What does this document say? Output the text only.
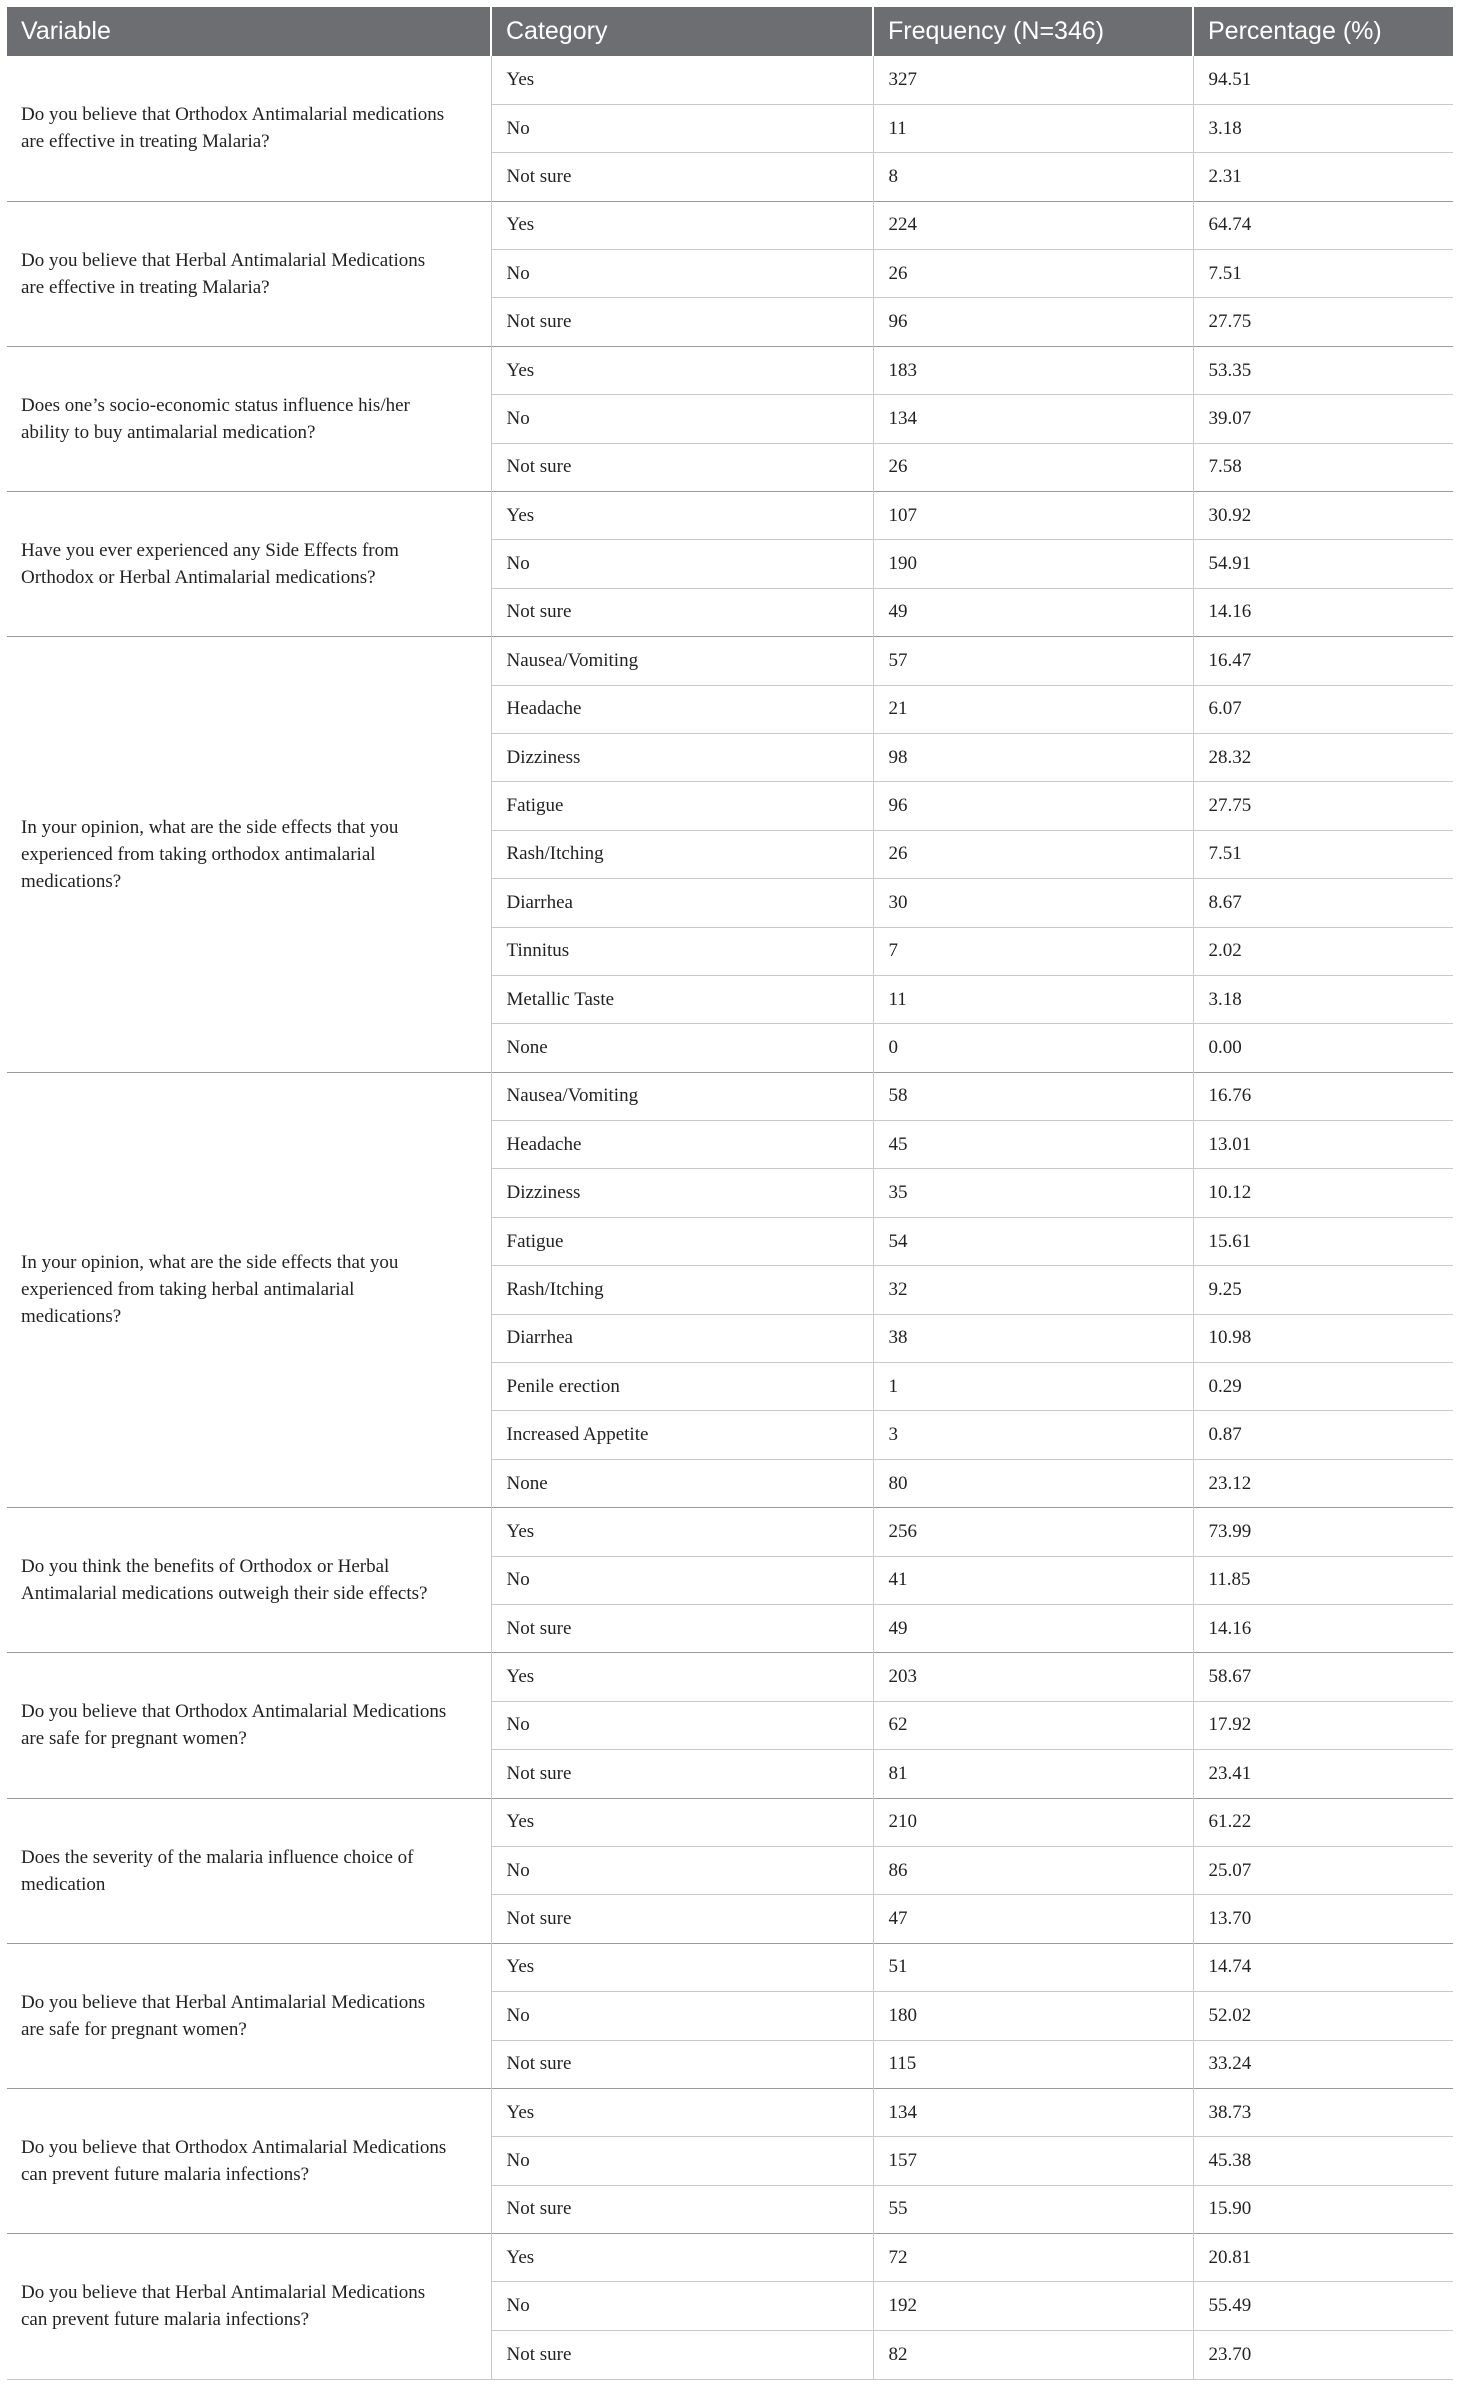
Variable	Category	Frequency (N=346)	Percentage (%)
Do you believe that Orthodox Antimalarial medications are effective in treating Malaria?	Yes	327	94.51
	No	11	3.18
	Not sure	8	2.31
Do you believe that Herbal Antimalarial Medications are effective in treating Malaria?	Yes	224	64.74
	No	26	7.51
	Not sure	96	27.75
Does one’s socio-economic status influence his/her ability to buy antimalarial medication?	Yes	183	53.35
	No	134	39.07
	Not sure	26	7.58
Have you ever experienced any Side Effects from Orthodox or Herbal Antimalarial medications?	Yes	107	30.92
	No	190	54.91
	Not sure	49	14.16
In your opinion, what are the side effects that you experienced from taking orthodox antimalarial medications?	Nausea/Vomiting	57	16.47
	Headache	21	6.07
	Dizziness	98	28.32
	Fatigue	96	27.75
	Rash/Itching	26	7.51
	Diarrhea	30	8.67
	Tinnitus	7	2.02
	Metallic Taste	11	3.18
	None	0	0.00
In your opinion, what are the side effects that you experienced from taking herbal antimalarial medications?	Nausea/Vomiting	58	16.76
	Headache	45	13.01
	Dizziness	35	10.12
	Fatigue	54	15.61
	Rash/Itching	32	9.25
	Diarrhea	38	10.98
	Penile erection	1	0.29
	Increased Appetite	3	0.87
	None	80	23.12
Do you think the benefits of Orthodox or Herbal Antimalarial medications outweigh their side effects?	Yes	256	73.99
	No	41	11.85
	Not sure	49	14.16
Do you believe that Orthodox Antimalarial Medications are safe for pregnant women?	Yes	203	58.67
	No	62	17.92
	Not sure	81	23.41
Does the severity of the malaria influence choice of medication	Yes	210	61.22
	No	86	25.07
	Not sure	47	13.70
Do you believe that Herbal Antimalarial Medications are safe for pregnant women?	Yes	51	14.74
	No	180	52.02
	Not sure	115	33.24
Do you believe that Orthodox Antimalarial Medications can prevent future malaria infections?	Yes	134	38.73
	No	157	45.38
	Not sure	55	15.90
Do you believe that Herbal Antimalarial Medications can prevent future malaria infections?	Yes	72	20.81
	No	192	55.49
	Not sure	82	23.70
